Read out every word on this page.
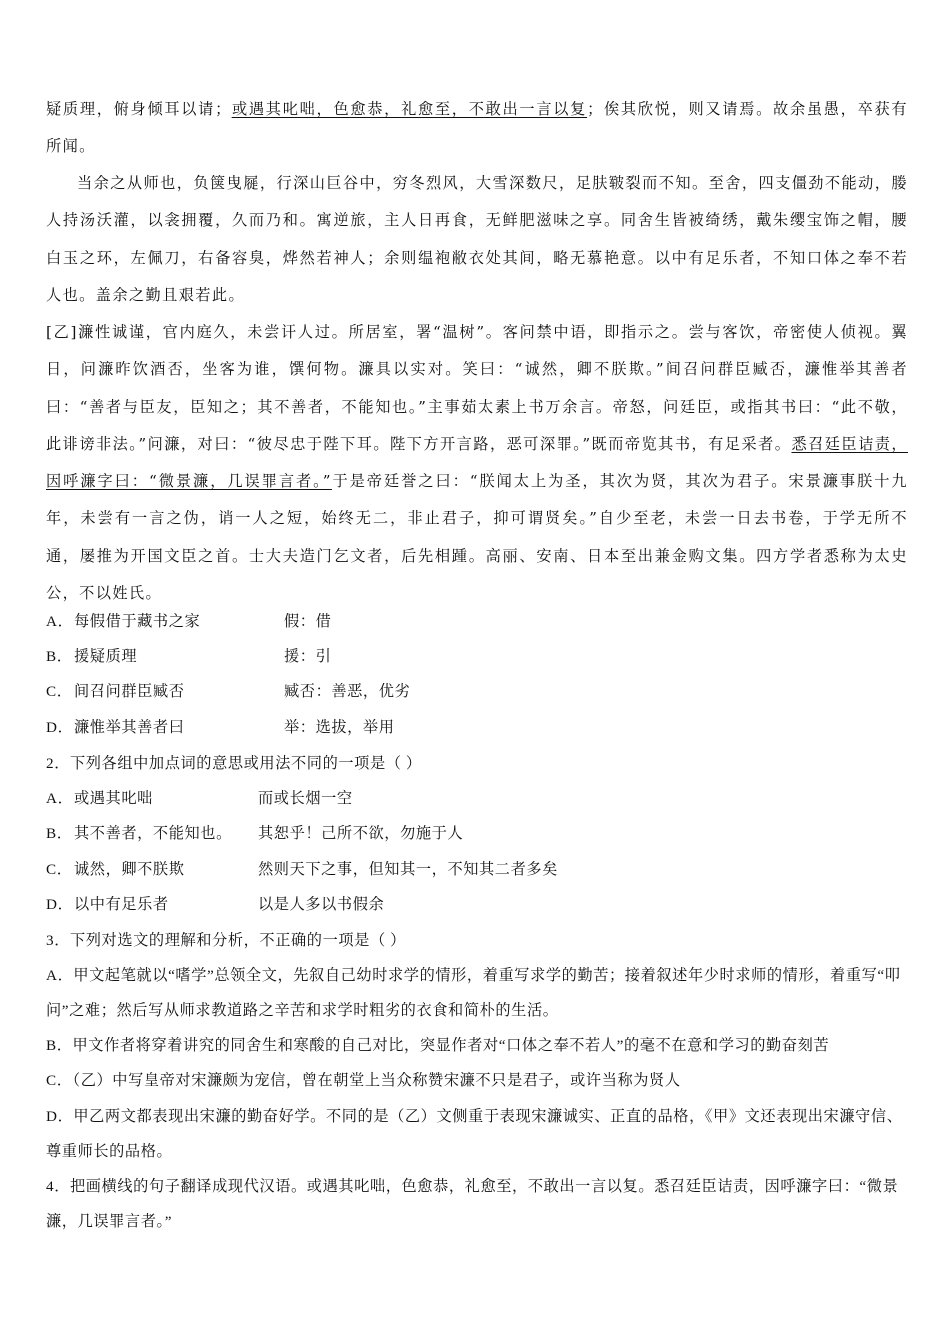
疑质理，俯身倾耳以请；或遇其叱咄，色愈恭，礼愈至，不敢出一言以复；俟其欣悦，则又请焉。故余虽愚，卒获有所闻。

当余之从师也，负箧曳屣，行深山巨谷中，穷冬烈风，大雪深数尺，足肤皲裂而不知。至舍，四支僵劲不能动，媵人持汤沃灌，以衾拥覆，久而乃和。寓逆旅，主人日再食，无鲜肥滋味之享。同舍生皆被绮绣，戴朱缨宝饰之帽，腰白玉之环，左佩刀，右备容臭，烨然若神人；余则缊袍敝衣处其间，略无慕艳意。以中有足乐者，不知口体之奉不若人也。盖余之勤且艰若此。

[乙]濂性诚谨，官内庭久，未尝讦人过。所居室，署“温树”。客问禁中语，即指示之。尝与客饮，帝密使人侦视。翼日，问濂昨饮酒否，坐客为谁，馔何物。濂具以实对。笑曰：“诚然，卿不朕欺。”间召问群臣臧否，濂惟举其善者曰：“善者与臣友，臣知之；其不善者，不能知也。”主事茹太素上书万余言。帝怒，问廷臣，或指其书曰：“此不敬，此诽谤非法。”问濂，对曰：“彼尽忠于陛下耳。陛下方开言路，恶可深罪。”既而帝览其书，有足采者。悉召廷臣诘责，因呼濂字曰：“微景濂，几误罪言者。”于是帝廷誉之曰：“朕闻太上为圣，其次为贤，其次为君子。宋景濂事朕十九年，未尝有一言之伪，诮一人之短，始终无二，非止君子，抑可谓贤矣。”自少至老，未尝一日去书卷，于学无所不通，屡推为开国文臣之首。士大夫造门乞文者，后先相踵。高丽、安南、日本至出兼金购文集。四方学者悉称为太史公，不以姓氏。

A．每假借于藏书之家	假：借
B．援疑质理	援：引
C．间召问群臣臧否	臧否：善恶，优劣
D．濂惟举其善者曰	举：选拔，举用
2．下列各组中加点词的意思或用法不同的一项是（ ）
A．或遇其叱咄	而或长烟一空
B．其不善者，不能知也。 其恕乎！己所不欲，勿施于人
C．诚然，卿不朕欺	然则天下之事，但知其一，不知其二者多矣
D．以中有足乐者	以是人多以书假余
3．下列对选文的理解和分析，不正确的一项是（ ）

A．甲文起笔就以“嗜学”总领全文，先叙自己幼时求学的情形，着重写求学的勤苦；接着叙述年少时求师的情形，着重写“叩问”之难；然后写从师求教道路之辛苦和求学时粗劣的衣食和简朴的生活。

B．甲文作者将穿着讲究的同舍生和寒酸的自己对比，突显作者对“口体之奉不若人”的毫不在意和学习的勤奋刻苦

C．（乙）中写皇帝对宋濂颇为宠信，曾在朝堂上当众称赞宋濂不只是君子，或许当称为贤人

D．甲乙两文都表现出宋濂的勤奋好学。不同的是（乙）文侧重于表现宋濂诚实、正直的品格，《甲》文还表现出宋濂守信、尊重师长的品格。

4．把画横线的句子翻译成现代汉语。或遇其叱咄，色愈恭，礼愈至，不敢出一言以复。悉召廷臣诘责，因呼濂字曰：“微景濂，几误罪言者。”
